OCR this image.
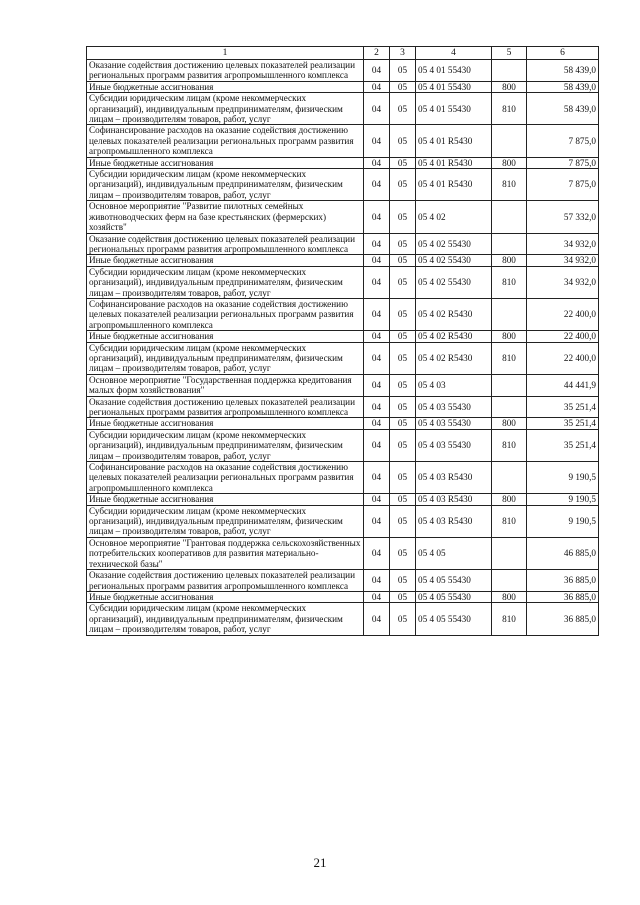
1	2	3	4	5	6
Оказание содействия достижению целевых показателей реализации региональных программ развития агропромышленного комплекса	04	05	05 4 01 55430		58 439,0
Иные бюджетные ассигнования	04	05	05 4 01 55430	800	58 439,0
Субсидии юридическим лицам (кроме некоммерческих организаций), индивидуальным предпринимателям, физическим лицам – производителям товаров, работ, услуг	04	05	05 4 01 55430	810	58 439,0
Софинансирование расходов на оказание содействия достижению целевых показателей реализации региональных программ развития агропромышленного комплекса	04	05	05 4 01 R5430		7 875,0
Иные бюджетные ассигнования	04	05	05 4 01 R5430	800	7 875,0
Субсидии юридическим лицам (кроме некоммерческих организаций), индивидуальным предпринимателям, физическим лицам – производителям товаров, работ, услуг	04	05	05 4 01 R5430	810	7 875,0
Основное мероприятие "Развитие пилотных семейных животноводческих ферм на базе крестьянских (фермерских) хозяйств"	04	05	05 4 02		57 332,0
Оказание содействия достижению целевых показателей реализации региональных программ развития агропромышленного комплекса	04	05	05 4 02 55430		34 932,0
Иные бюджетные ассигнования	04	05	05 4 02 55430	800	34 932,0
Субсидии юридическим лицам (кроме некоммерческих организаций), индивидуальным предпринимателям, физическим лицам – производителям товаров, работ, услуг	04	05	05 4 02 55430	810	34 932,0
Софинансирование расходов на оказание содействия достижению целевых показателей реализации региональных программ развития агропромышленного комплекса	04	05	05 4 02 R5430		22 400,0
Иные бюджетные ассигнования	04	05	05 4 02 R5430	800	22 400,0
Субсидии юридическим лицам (кроме некоммерческих организаций), индивидуальным предпринимателям, физическим лицам – производителям товаров, работ, услуг	04	05	05 4 02 R5430	810	22 400,0
Основное мероприятие "Государственная поддержка кредитования малых форм хозяйствования"	04	05	05 4 03		44 441,9
Оказание содействия достижению целевых показателей реализации региональных программ развития агропромышленного комплекса	04	05	05 4 03 55430		35 251,4
Иные бюджетные ассигнования	04	05	05 4 03 55430	800	35 251,4
Субсидии юридическим лицам (кроме некоммерческих организаций), индивидуальным предпринимателям, физическим лицам – производителям товаров, работ, услуг	04	05	05 4 03 55430	810	35 251,4
Софинансирование расходов на оказание содействия достижению целевых показателей реализации региональных программ развития агропромышленного комплекса	04	05	05 4 03 R5430		9 190,5
Иные бюджетные ассигнования	04	05	05 4 03 R5430	800	9 190,5
Субсидии юридическим лицам (кроме некоммерческих организаций), индивидуальным предпринимателям, физическим лицам – производителям товаров, работ, услуг	04	05	05 4 03 R5430	810	9 190,5
Основное мероприятие "Грантовая поддержка сельскохозяйственных потребительских кооперативов для развития материально-технической базы"	04	05	05 4 05		46 885,0
Оказание содействия достижению целевых показателей реализации региональных программ развития агропромышленного комплекса	04	05	05 4 05 55430		36 885,0
Иные бюджетные ассигнования	04	05	05 4 05 55430	800	36 885,0
Субсидии юридическим лицам (кроме некоммерческих организаций), индивидуальным предпринимателям, физическим лицам – производителям товаров, работ, услуг	04	05	05 4 05 55430	810	36 885,0
21
